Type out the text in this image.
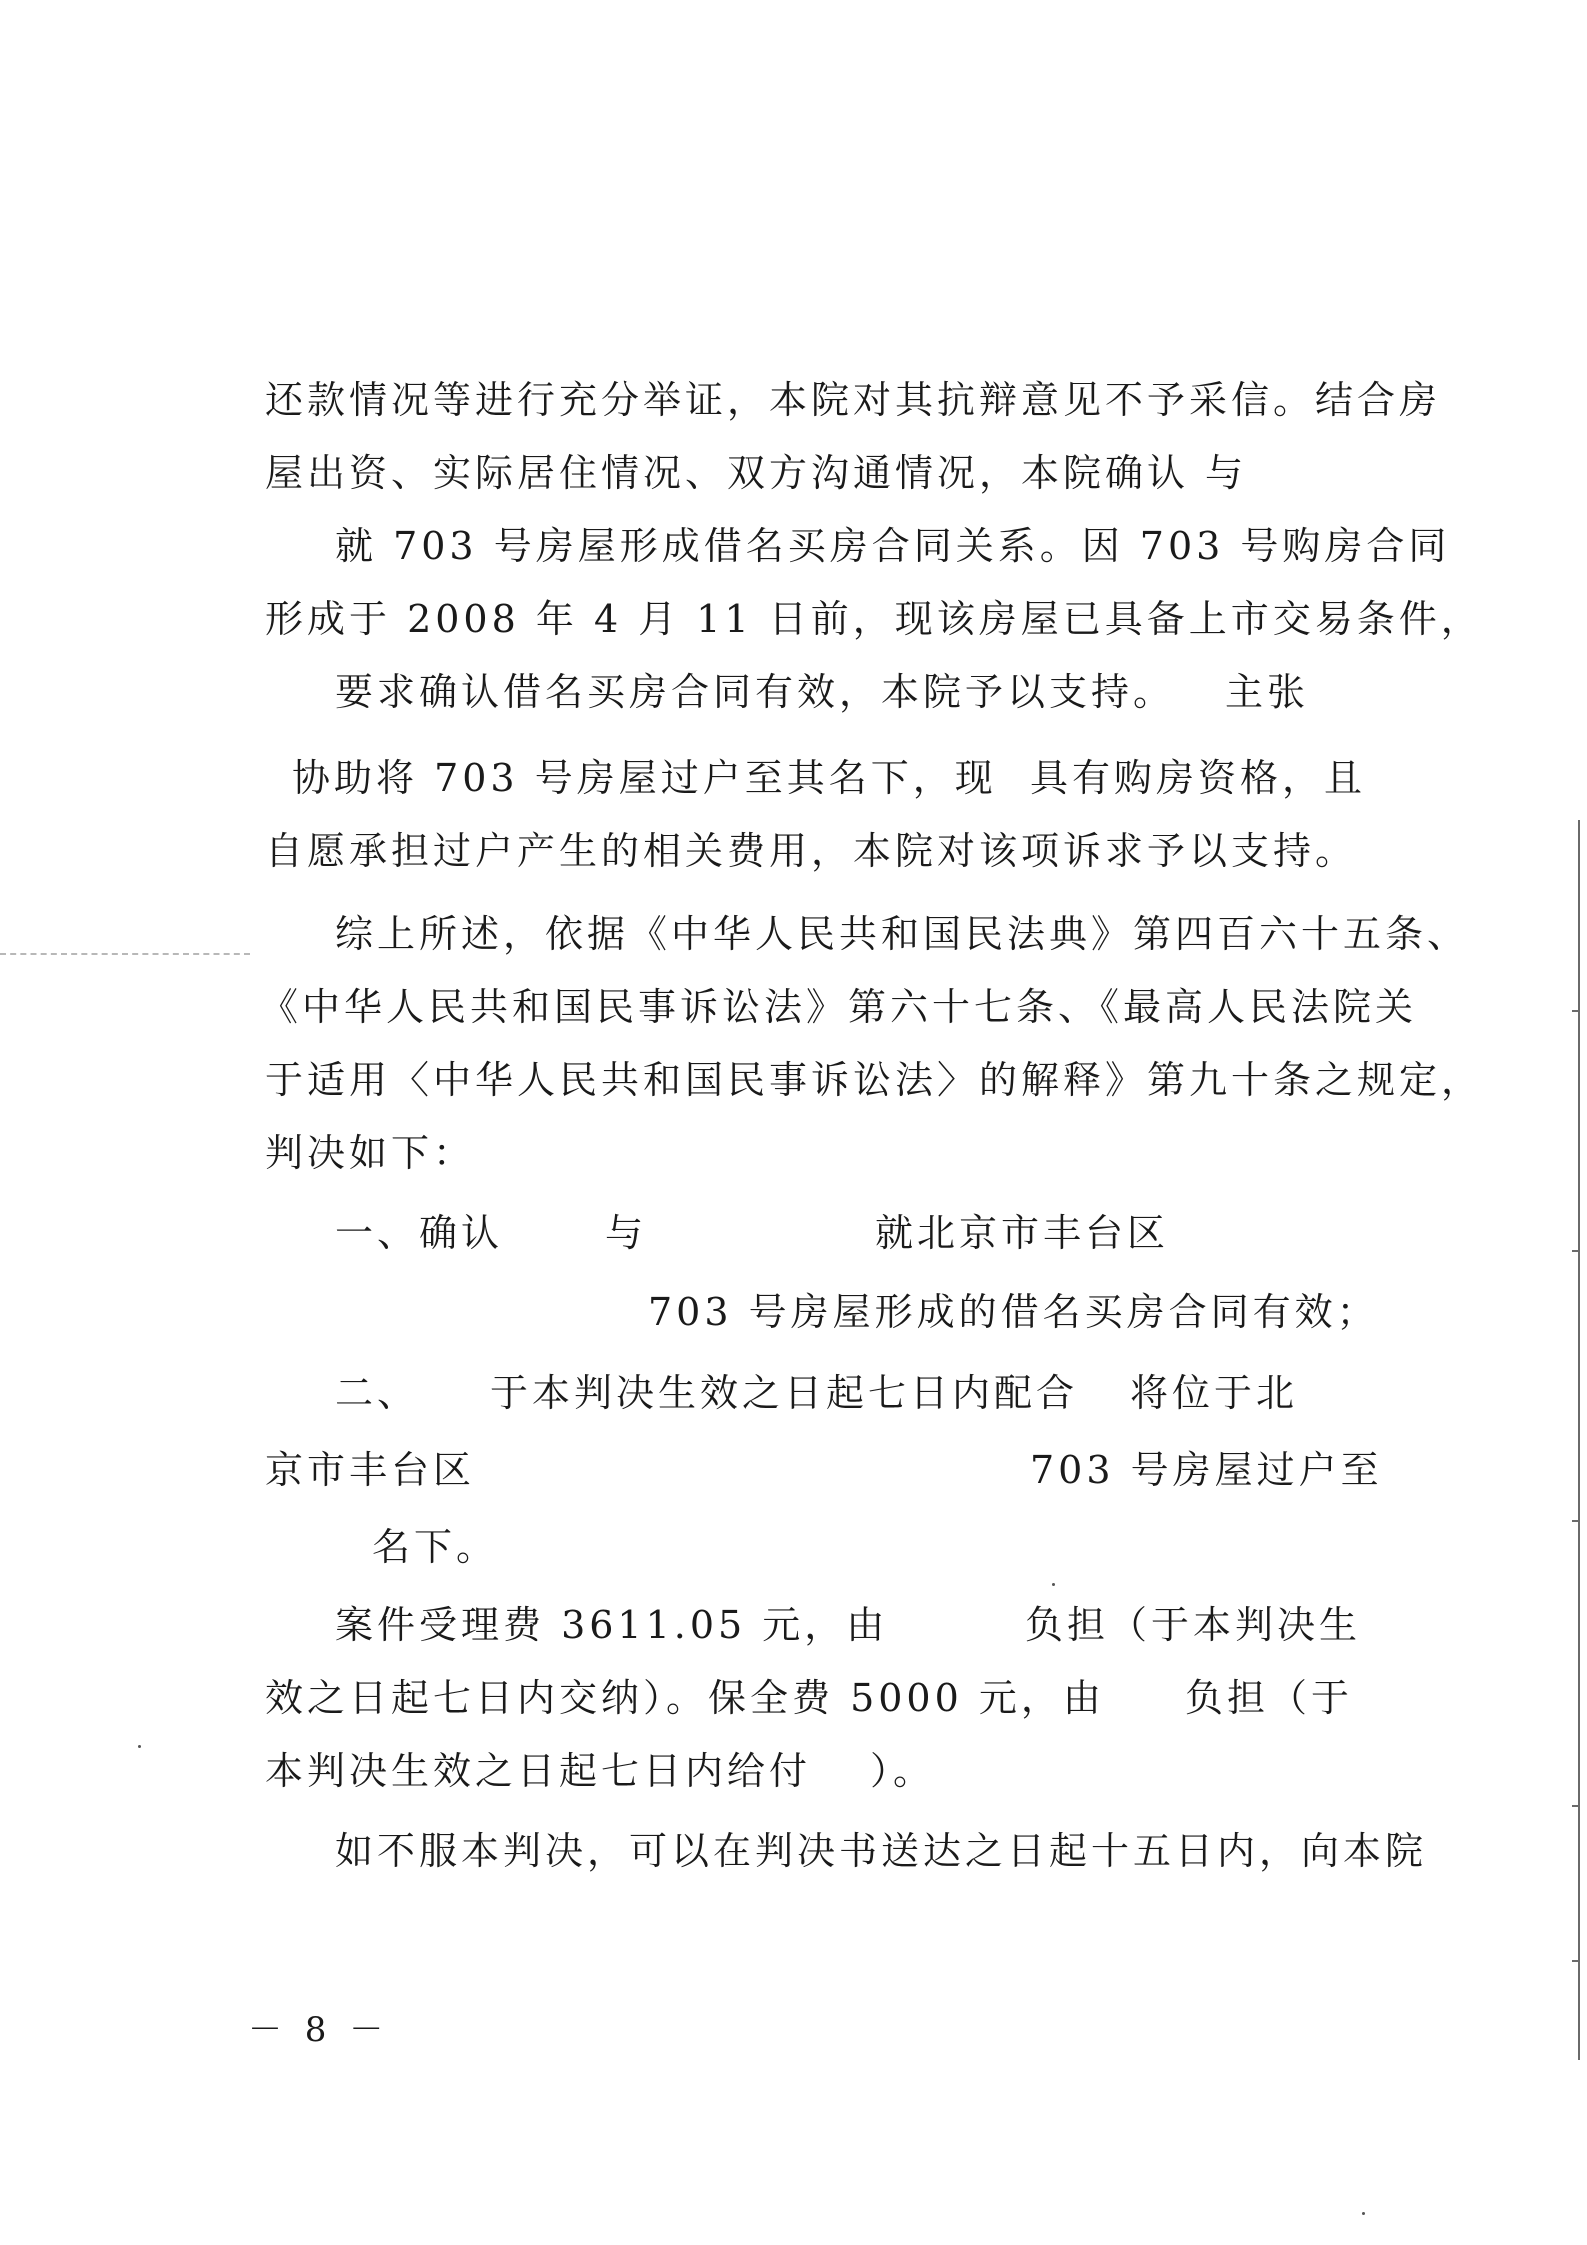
还款情况等进行充分举证，本院对其抗辩意见不予采信。结合房
屋出资、实际居住情况、双方沟通情况，本院确认 与
就 703 号房屋形成借名买房合同关系。因 703 号购房合同
形成于 2008 年 4 月 11 日前，现该房屋已具备上市交易条件，
要求确认借名买房合同有效，本院予以支持。 主张
协助将 703 号房屋过户至其名下，现 具有购房资格，且
自愿承担过户产生的相关费用，本院对该项诉求予以支持。
综上所述，依据《中华人民共和国民法典》第四百六十五条、
《中华人民共和国民事诉讼法》第六十七条、《最高人民法院关
于适用〈中华人民共和国民事诉讼法〉的解释》第九十条之规定，
判决如下：
一、确认	与	就北京市丰台区
703 号房屋形成的借名买房合同有效；
二、 于本判决生效之日起七日内配合 将位于北
京市丰台区	703 号房屋过户至
名下。
案件受理费 3611.05 元，由	负担（于本判决生
效之日起七日内交纳）。保全费 5000 元，由 负担（于
本判决生效之日起七日内给付 ）。
如不服本判决，可以在判决书送达之日起十五日内，向本院
－ 8 －
